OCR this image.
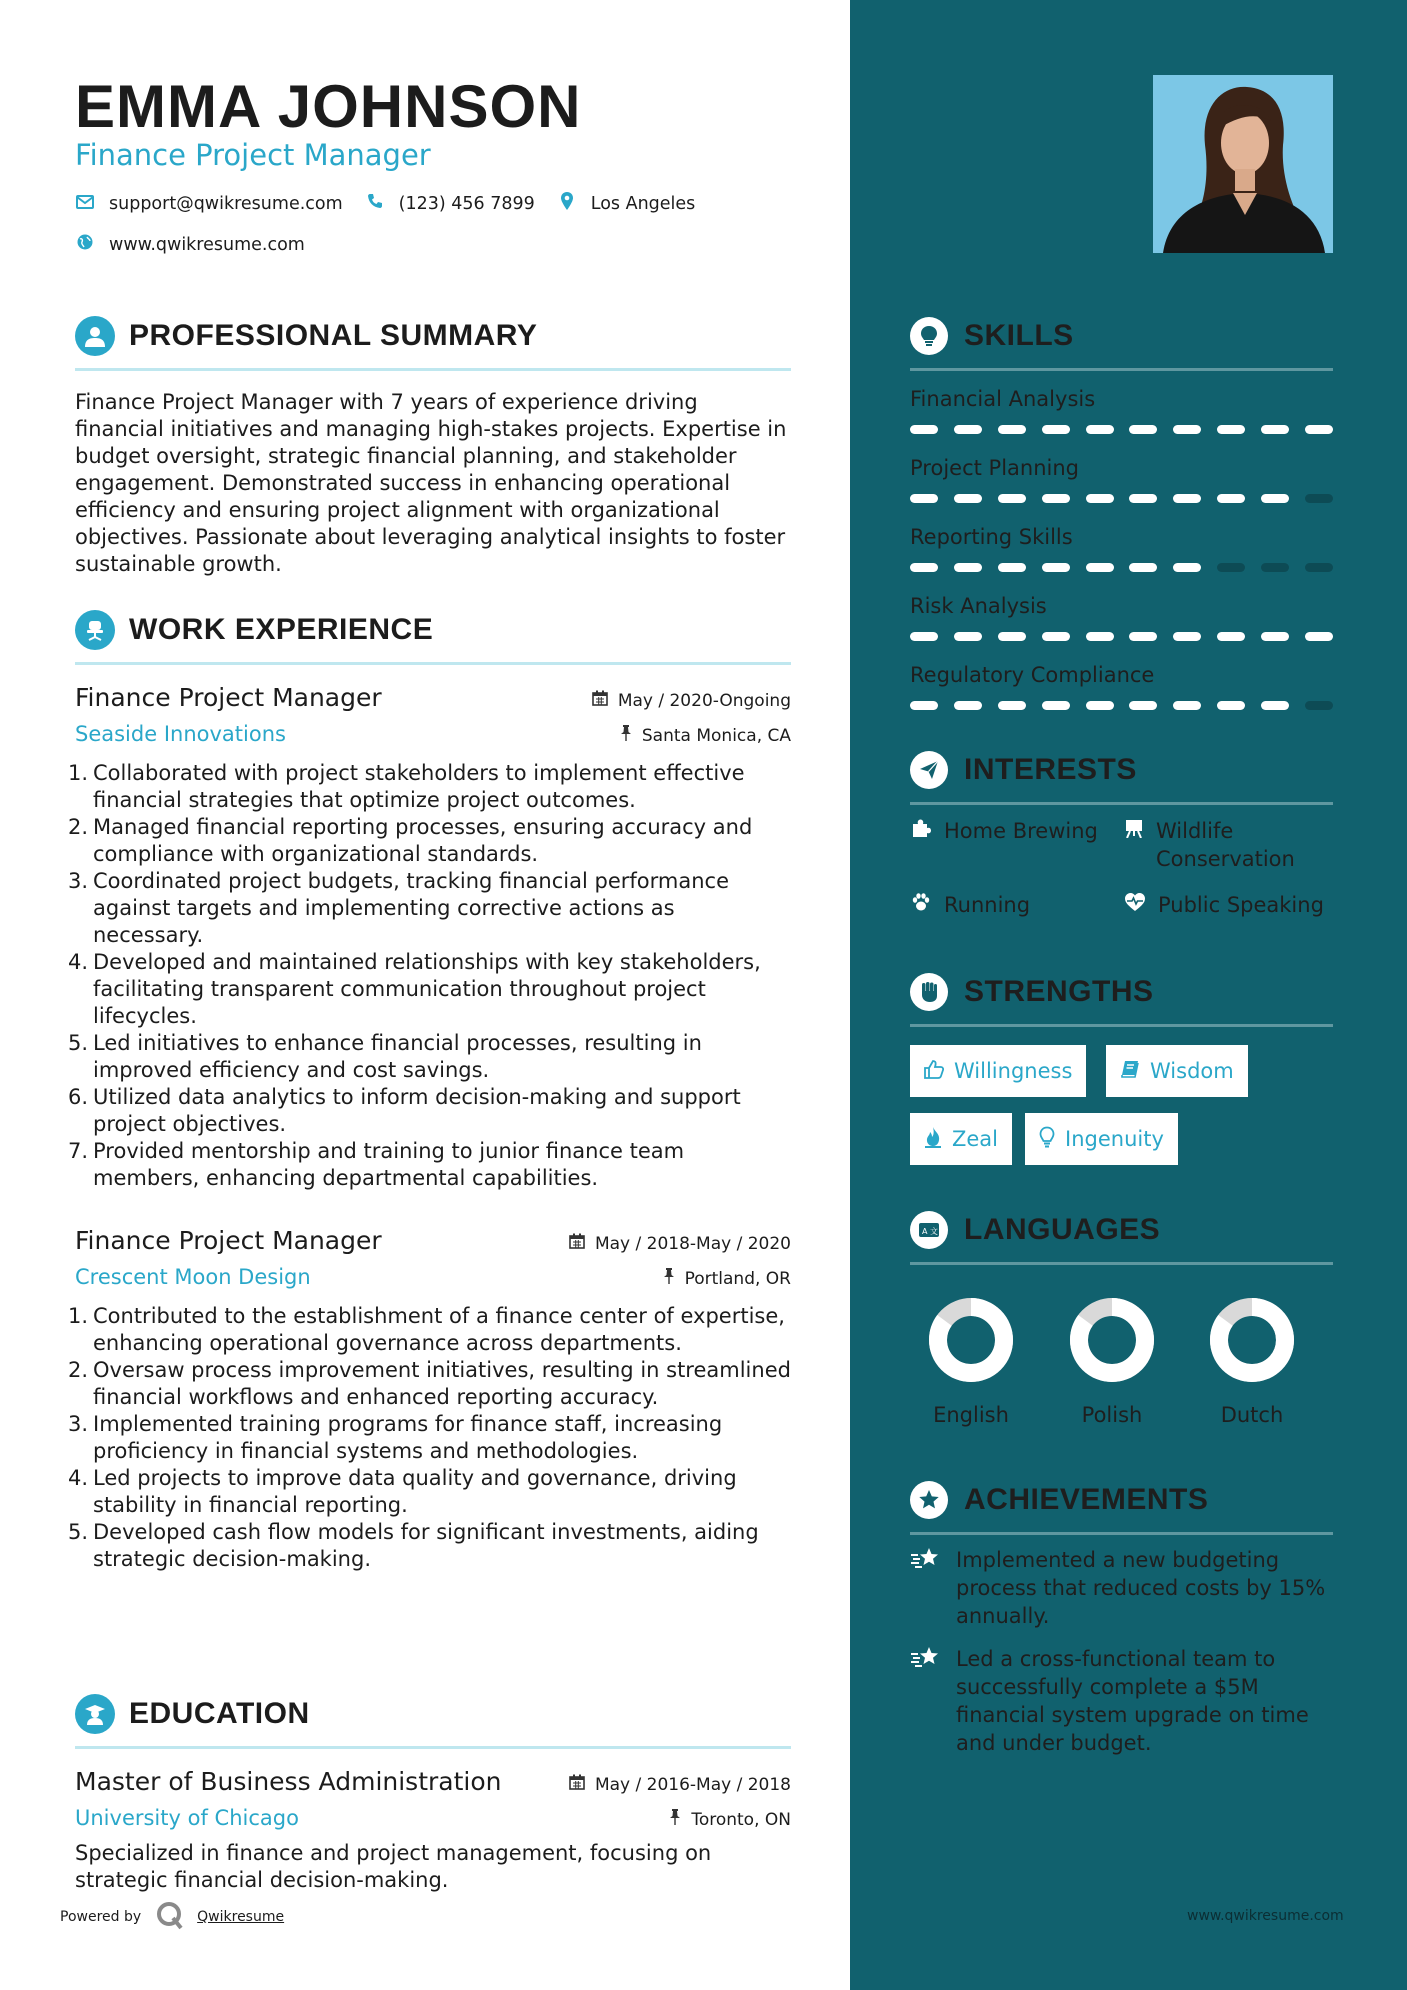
EMMA JOHNSON
Finance Project Manager
support@qwikresume.com	(123) 456 7899	Los Angeles
www.qwikresume.com
PROFESSIONAL SUMMARY

Finance Project Manager with 7 years of experience driving financial initiatives and managing high-stakes projects. Expertise in budget oversight, strategic financial planning, and stakeholder engagement. Demonstrated success in enhancing operational efficiency and ensuring project alignment with organizational objectives. Passionate about leveraging analytical insights to foster sustainable growth.

WORK EXPERIENCE
Finance Project Manager	May / 2020-Ongoing
Seaside Innovations	Santa Monica, CA
Collaborated with project stakeholders to implement effective financial strategies that optimize project outcomes.
Managed financial reporting processes, ensuring accuracy and compliance with organizational standards.
Coordinated project budgets, tracking financial performance against targets and implementing corrective actions as necessary.
Developed and maintained relationships with key stakeholders, facilitating transparent communication throughout project lifecycles.
Led initiatives to enhance financial processes, resulting in improved efficiency and cost savings.
Utilized data analytics to inform decision-making and support project objectives.
Provided mentorship and training to junior finance team members, enhancing departmental capabilities.
Finance Project Manager	May / 2018-May / 2020
Crescent Moon Design	Portland, OR
Contributed to the establishment of a finance center of expertise, enhancing operational governance across departments.
Oversaw process improvement initiatives, resulting in streamlined financial workflows and enhanced reporting accuracy.
Implemented training programs for finance staff, increasing proficiency in financial systems and methodologies.
Led projects to improve data quality and governance, driving stability in financial reporting.
Developed cash flow models for significant investments, aiding strategic decision-making.
EDUCATION
Master of Business Administration	May / 2016-May / 2018
University of Chicago	Toronto, ON

Specialized in finance and project management, focusing on strategic financial decision-making.

Powered by	Qwikresume
SKILLS
Financial Analysis
Project Planning
Reporting Skills
Risk Analysis
Regulatory Compliance
INTERESTS
Home Brewing	Wildlife Conservation
Running	Public Speaking
STRENGTHS
Willingness	Wisdom
Zeal	Ingenuity
A 文 LANGUAGES
English	Polish	Dutch
ACHIEVEMENTS
Implemented a new budgeting process that reduced costs by 15% annually.
Led a cross-functional team to successfully complete a $5M financial system upgrade on time and under budget.
www.qwikresume.com
